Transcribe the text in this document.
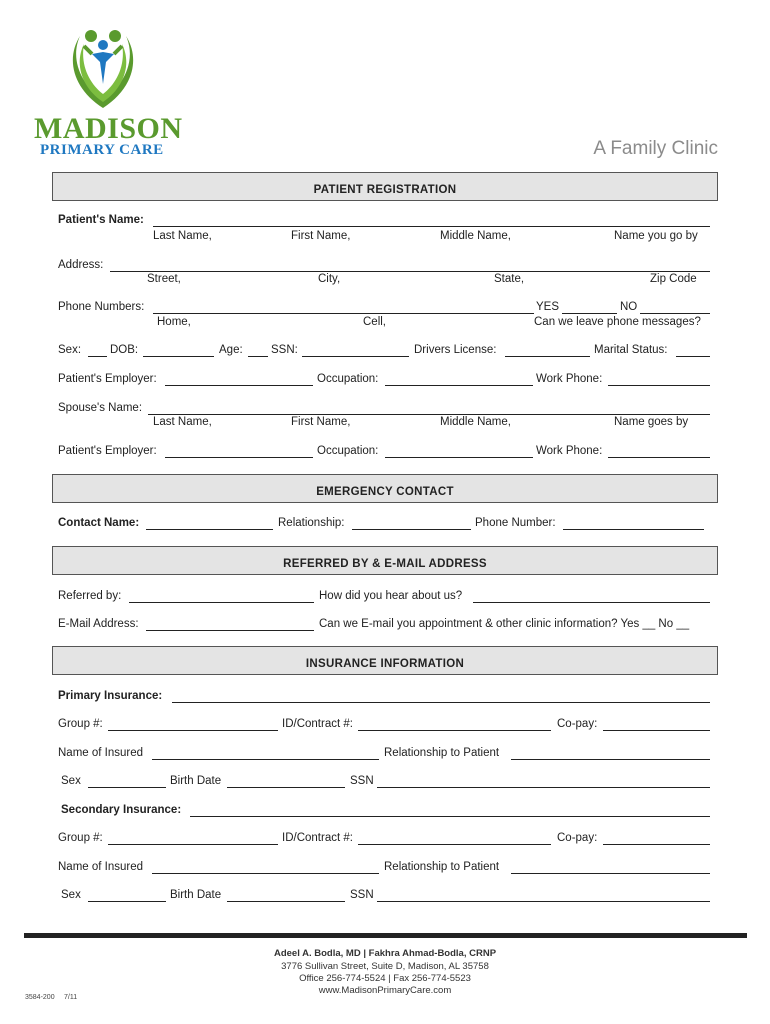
MADISON
PRIMARY CARE	A Family Clinic
PATIENT REGISTRATION
Patient's Name:
Last Name,	First Name,	Middle Name,	Name you go by
Address:
Street,	City,	State,	Zip Code
Phone Numbers:	YES	NO
Home,	Cell,	Can we leave phone messages?
Sex:	DOB:	Age: SSN:	Drivers License:	Marital Status:
Patient's Employer:	Occupation:	Work Phone:
Spouse's Name:
Last Name,	First Name,	Middle Name,	Name goes by
Patient's Employer:	Occupation:	Work Phone:
EMERGENCY CONTACT
Contact Name:	Relationship:	Phone Number:
REFERRED BY & E-MAIL ADDRESS
Referred by:	How did you hear about us?
E-Mail Address:	Can we E-mail you appointment & other clinic information? Yes __ No __
INSURANCE INFORMATION
Primary Insurance:
Group #:	ID/Contract #:	Co-pay:
Name of Insured	Relationship to Patient
Sex	Birth Date	SSN
Secondary Insurance:
Group #:	ID/Contract #:	Co-pay:
Name of Insured	Relationship to Patient
Sex	Birth Date	SSN
Adeel A. Bodla, MD | Fakhra Ahmad-Bodla, CRNP
3776 Sullivan Street, Suite D, Madison, AL 35758
Office 256-774-5524 | Fax 256-774-5523
www.MadisonPrimaryCare.com
3584-200 7/11
